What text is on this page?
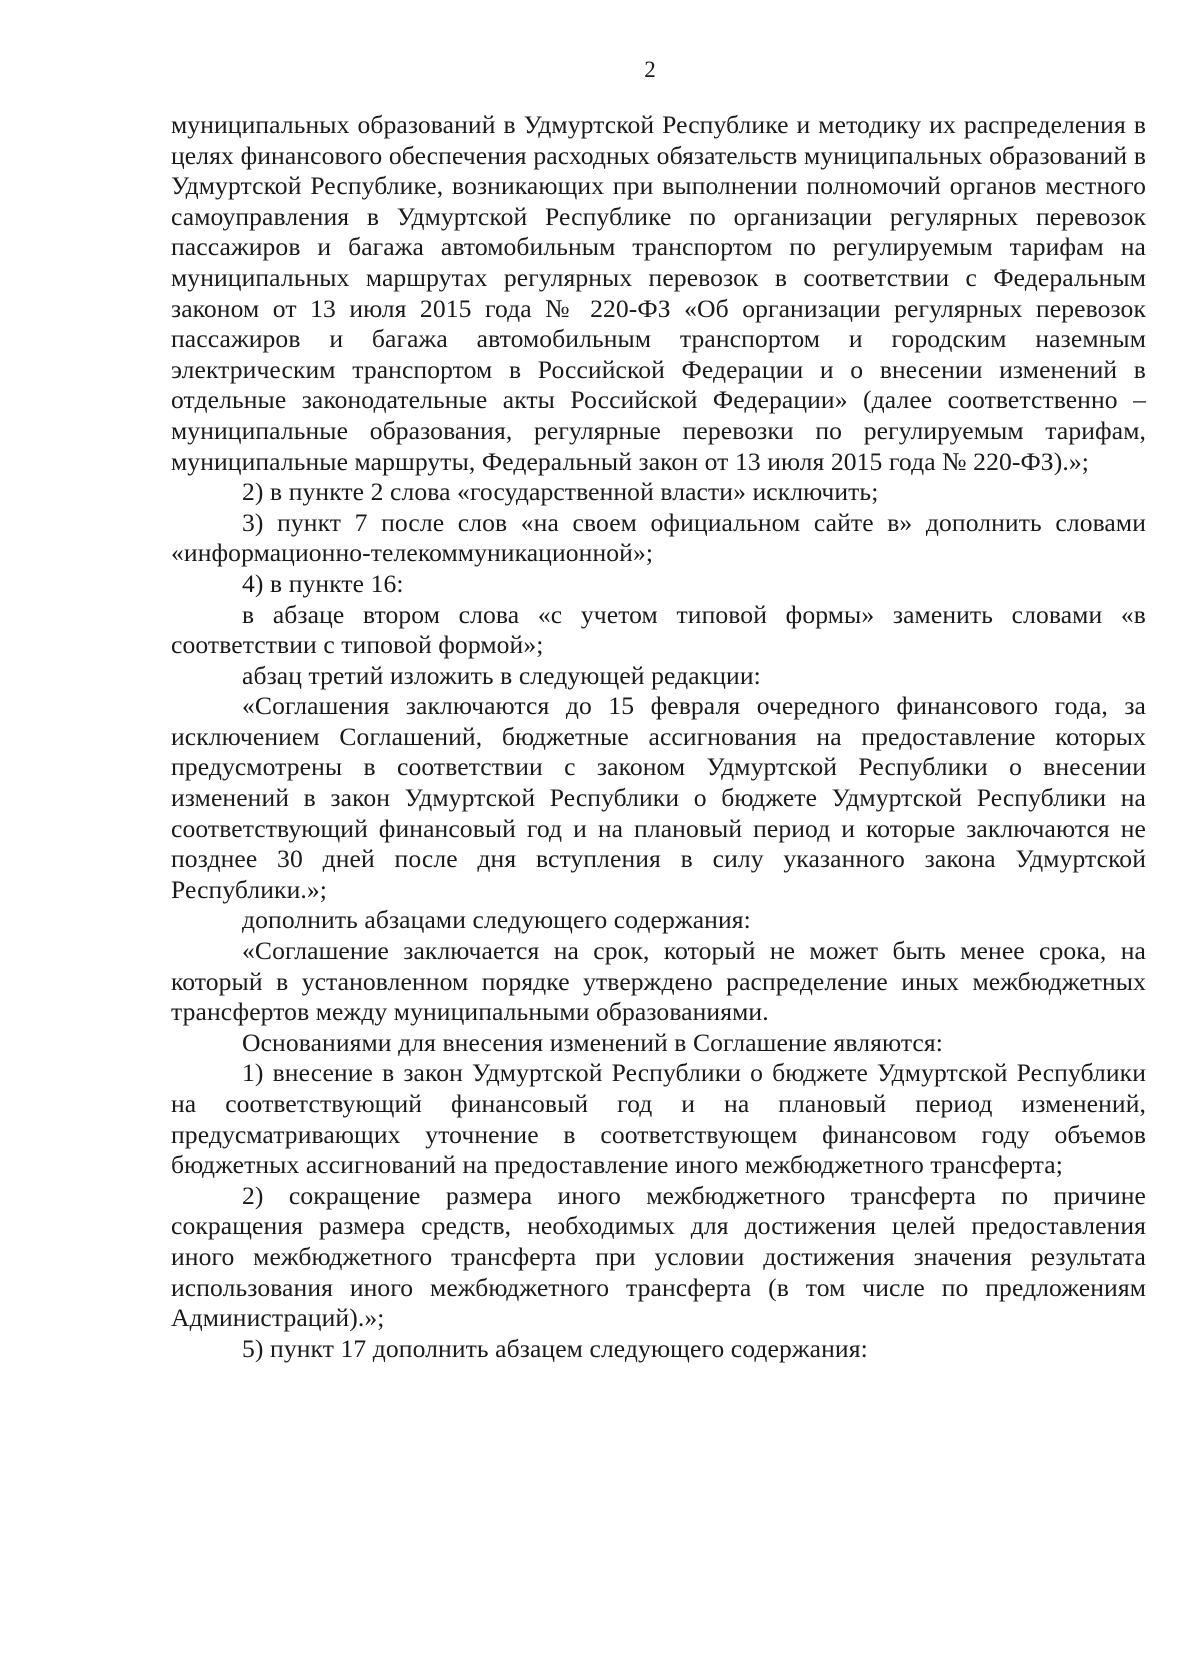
2

муниципальных образований в Удмуртской Республике и методику их распределения в целях финансового обеспечения расходных обязательств муниципальных образований в Удмуртской Республике, возникающих при выполнении полномочий органов местного самоуправления в Удмуртской Республике по организации регулярных перевозок пассажиров и багажа автомобильным транспортом по регулируемым тарифам на муниципальных маршрутах регулярных перевозок в соответствии с Федеральным законом от 13 июля 2015 года № 220-ФЗ «Об организации регулярных перевозок пассажиров и багажа автомобильным транспортом и городским наземным электрическим транспортом в Российской Федерации и о внесении изменений в отдельные законодательные акты Российской Федерации» (далее соответственно – муниципальные образования, регулярные перевозки по регулируемым тарифам, муниципальные маршруты, Федеральный закон от 13 июля 2015 года № 220-ФЗ).»;

2) в пункте 2 слова «государственной власти» исключить;

3) пункт 7 после слов «на своем официальном сайте в» дополнить словами «информационно-телекоммуникационной»;

4) в пункте 16:

в абзаце втором слова «с учетом типовой формы» заменить словами «в соответствии с типовой формой»;

абзац третий изложить в следующей редакции:

«Соглашения заключаются до 15 февраля очередного финансового года, за исключением Соглашений, бюджетные ассигнования на предоставление которых предусмотрены в соответствии с законом Удмуртской Республики о внесении изменений в закон Удмуртской Республики о бюджете Удмуртской Республики на соответствующий финансовый год и на плановый период и которые заключаются не позднее 30 дней после дня вступления в силу указанного закона Удмуртской Республики.»;

дополнить абзацами следующего содержания:

«Соглашение заключается на срок, который не может быть менее срока, на который в установленном порядке утверждено распределение иных межбюджетных трансфертов между муниципальными образованиями.

Основаниями для внесения изменений в Соглашение являются:

1) внесение в закон Удмуртской Республики о бюджете Удмуртской Республики на соответствующий финансовый год и на плановый период изменений, предусматривающих уточнение в соответствующем финансовом году объемов бюджетных ассигнований на предоставление иного межбюджетного трансферта;

2) сокращение размера иного межбюджетного трансферта по причине сокращения размера средств, необходимых для достижения целей предоставления иного межбюджетного трансферта при условии достижения значения результата использования иного межбюджетного трансферта (в том числе по предложениям Администраций).»;

5) пункт 17 дополнить абзацем следующего содержания:
